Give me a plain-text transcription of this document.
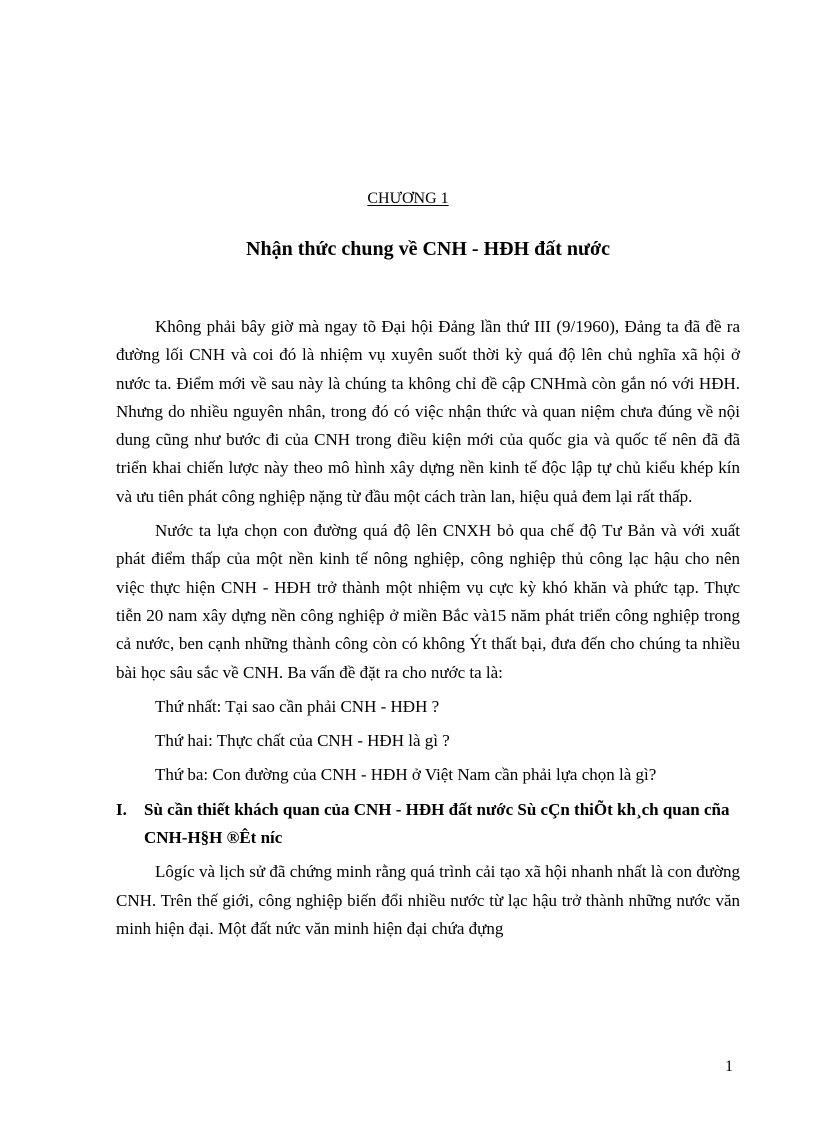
CHƯƠNG 1
Nhận thức chung về CNH - HĐH đất nước

Không phải bây giờ mà ngay tõ Đại hội Đảng lần thứ III (9/1960), Đảng ta đã đề ra đường lối CNH và coi đó là nhiệm vụ xuyên suốt thời kỳ quá độ lên chủ nghĩa xã hội ở nước ta. Điểm mới về sau này là chúng ta không chỉ đề cập CNHmà còn gắn nó với HĐH. Nhưng do nhiều nguyên nhân, trong đó có việc nhận thức và quan niệm chưa đúng về nội dung cũng như bước đi của CNH trong điều kiện mới của quốc gia và quốc tế nên đã đã triển khai chiến lược này theo mô hình xây dựng nền kinh tế độc lập tự chủ kiểu khép kín và ưu tiên phát công nghiệp nặng từ đầu một cách tràn lan, hiệu quả đem lại rất thấp.

Nước ta lựa chọn con đường quá độ lên CNXH bỏ qua chế độ Tư Bản và với xuất phát điểm thấp của một nền kinh tế nông nghiệp, công nghiệp thủ công lạc hậu cho nên việc thực hiện CNH - HĐH trở thành một nhiệm vụ cực kỳ khó khăn và phức tạp. Thực tiễn 20 nam xây dựng nền công nghiệp ở miền Bắc và15 năm phát triển công nghiệp trong cả nước, ben cạnh những thành công còn có không Ýt thất bại, đưa đến cho chúng ta nhiều bài học sâu sắc về CNH. Ba vấn đề đặt ra cho nước ta là:

Thứ nhất: Tại sao cần phải CNH - HĐH ?

Thứ hai: Thực chất của CNH - HĐH là gì ?

Thứ ba: Con đường của CNH - HĐH ở Việt Nam cần phải lựa chọn là gì?

I. Sù cần thiết khách quan của CNH - HĐH đất nước Sù cÇn thiÕt kh¸ch quan cña CNH-H§H ®Êt níc

Lôgíc và lịch sử đã chứng minh rằng quá trình cải tạo xã hội nhanh nhất là con đường CNH. Trên thế giới, công nghiệp biến đổi nhiều nước từ lạc hậu trở thành những nước văn minh hiện đại. Một đất nức văn minh hiện đại chứa đựng

1
